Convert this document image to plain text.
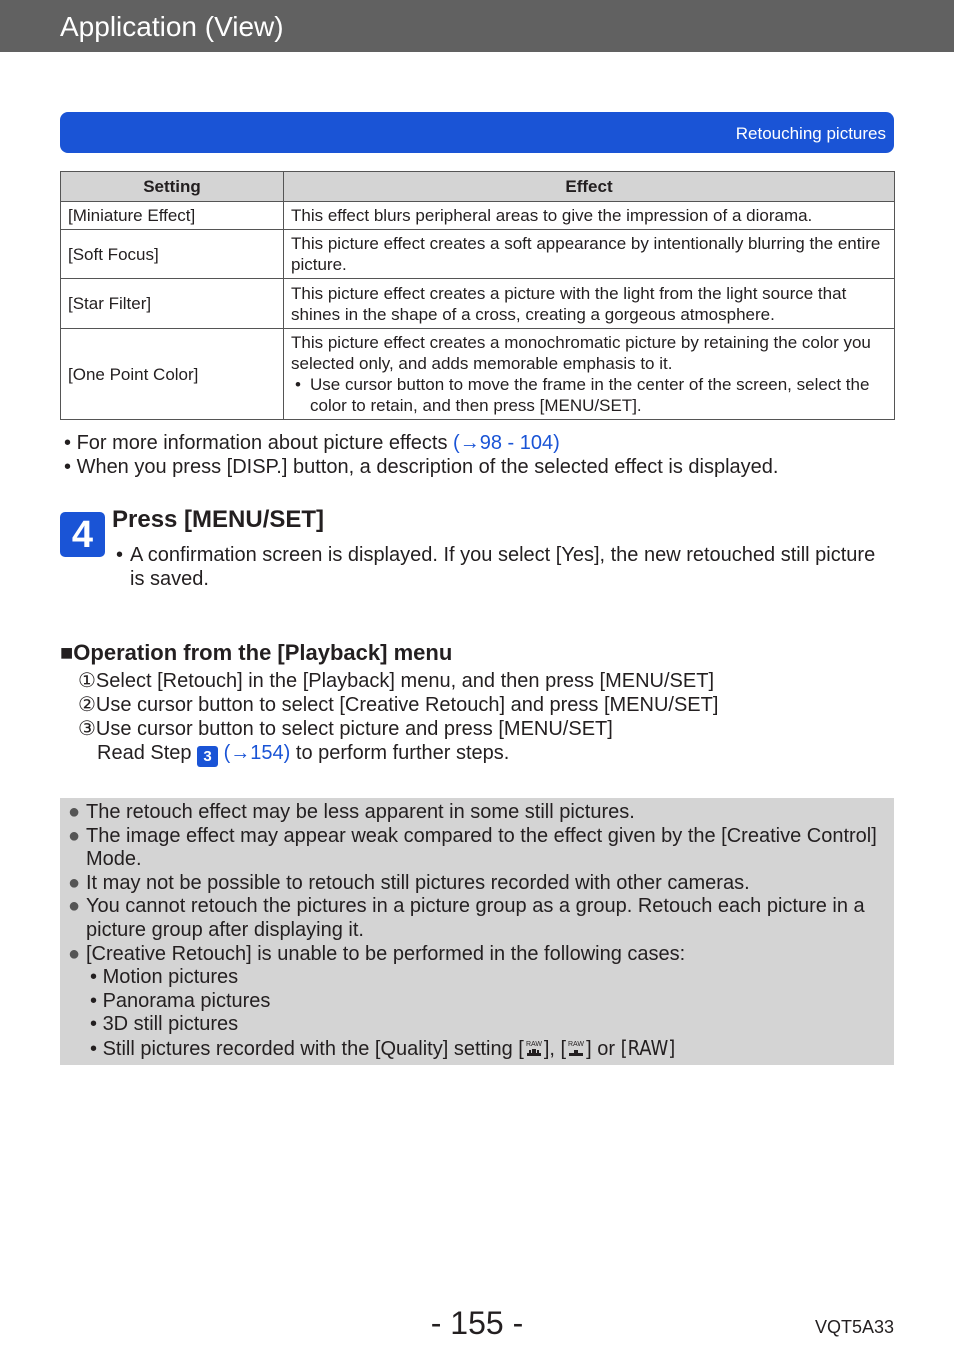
Application (View)
Retouching pictures
Setting	Effect
[Miniature Effect]	This effect blurs peripheral areas to give the impression of a diorama.
[Soft Focus]	This picture effect creates a soft appearance by intentionally blurring the entire picture.
[Star Filter]	This picture effect creates a picture with the light from the light source that shines in the shape of a cross, creating a gorgeous atmosphere.
[One Point Color]	This picture effect creates a monochromatic picture by retaining the color you selected only, and adds memorable emphasis to it.
• Use cursor button to move the frame in the center of the screen, select the color to retain, and then press [MENU/SET].
• For more information about picture effects (→98 - 104)
• When you press [DISP.] button, a description of the selected effect is displayed.
4 Press [MENU/SET]
• A confirmation screen is displayed. If you select [Yes], the new retouched still picture is saved.
■Operation from the [Playback] menu
①Select [Retouch] in the [Playback] menu, and then press [MENU/SET]
②Use cursor button to select [Creative Retouch] and press [MENU/SET]
③Use cursor button to select picture and press [MENU/SET]
Read Step 3 (→154) to perform further steps.
● The retouch effect may be less apparent in some still pictures.
● The image effect may appear weak compared to the effect given by the [Creative Control] Mode.
● It may not be possible to retouch still pictures recorded with other cameras.
● You cannot retouch the pictures in a picture group as a group. Retouch each picture in a picture group after displaying it.
● [Creative Retouch] is unable to be performed in the following cases:
• Motion pictures
• Panorama pictures
• 3D still pictures
• Still pictures recorded with the [Quality] setting [ RAW ], [ RAW ] or [RAW]
- 155 -	VQT5A33
